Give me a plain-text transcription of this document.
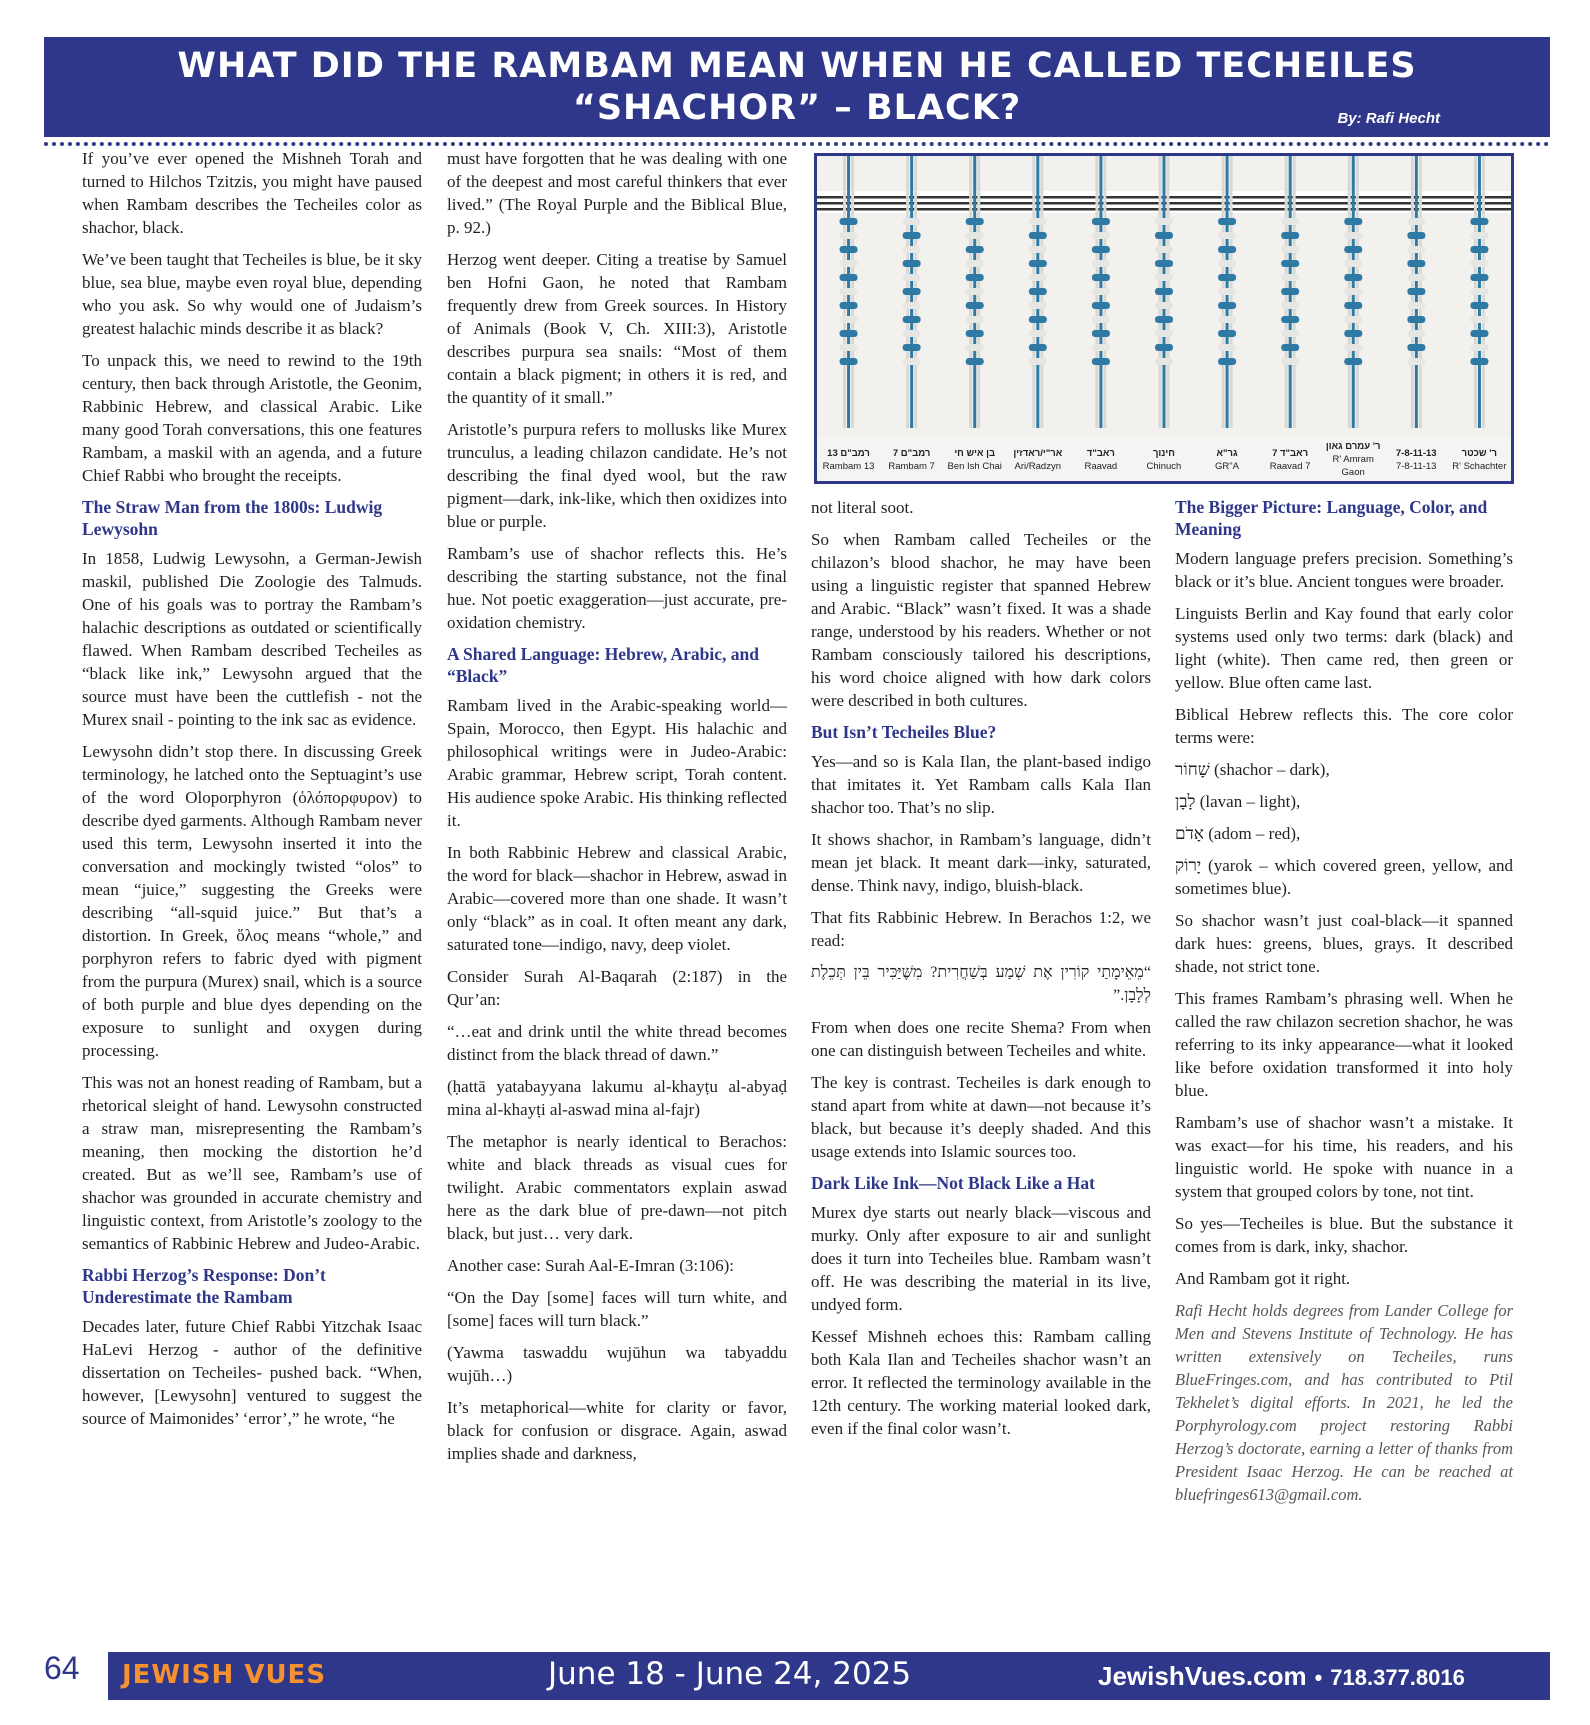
WHAT DID THE RAMBAM MEAN WHEN HE CALLED TECHEILES
“SHACHOR” – BLACK?	By: Rafi Hecht

If you’ve ever opened the Mishneh Torah and turned to Hilchos Tzitzis, you might have paused when Rambam describes the Techeiles color as shachor, black.

We’ve been taught that Techeiles is blue, be it sky blue, sea blue, maybe even royal blue, depending who you ask. So why would one of Judaism’s greatest halachic minds describe it as black?

To unpack this, we need to rewind to the 19th century, then back through Aristotle, the Geonim, Rabbinic Hebrew, and classical Arabic. Like many good Torah conversations, this one features Rambam, a maskil with an agenda, and a future Chief Rabbi who brought the receipts.

The Straw Man from the 1800s: Ludwig Lewysohn

In 1858, Ludwig Lewysohn, a German-Jewish maskil, published Die Zoologie des Talmuds. One of his goals was to portray the Rambam’s halachic descriptions as outdated or scientifically flawed. When Rambam described Techeiles as “black like ink,” Lewysohn argued that the source must have been the cuttlefish - not the Murex snail - pointing to the ink sac as evidence.

Lewysohn didn’t stop there. In discussing Greek terminology, he latched onto the Septuagint’s use of the word Oloporphyron (ὁλόπορφυρον) to describe dyed garments. Although Rambam never used this term, Lewysohn inserted it into the conversation and mockingly twisted “olos” to mean “juice,” suggesting the Greeks were describing “all-squid juice.” But that’s a distortion. In Greek, ὅλος means “whole,” and porphyron refers to fabric dyed with pigment from the purpura (Murex) snail, which is a source of both purple and blue dyes depending on the exposure to sunlight and oxygen during processing.

This was not an honest reading of Rambam, but a rhetorical sleight of hand. Lewysohn constructed a straw man, misrepresenting the Rambam’s meaning, then mocking the distortion he’d created. But as we’ll see, Rambam’s use of shachor was grounded in accurate chemistry and linguistic context, from Aristotle’s zoology to the semantics of Rabbinic Hebrew and Judeo-Arabic.

Rabbi Herzog’s Response: Don’t Underestimate the Rambam

Decades later, future Chief Rabbi Yitzchak Isaac HaLevi Herzog - author of the definitive dissertation on Techeiles- pushed back. “When, however, [Lewysohn] ventured to suggest the source of Maimonides’ ‘error’,” he wrote, “he

must have forgotten that he was dealing with one of the deepest and most careful thinkers that ever lived.” (The Royal Purple and the Biblical Blue, p. 92.)

Herzog went deeper. Citing a treatise by Samuel ben Hofni Gaon, he noted that Rambam frequently drew from Greek sources. In History of Animals (Book V, Ch. XIII:3), Aristotle describes purpura sea snails: “Most of them contain a black pigment; in others it is red, and the quantity of it small.”

Aristotle’s purpura refers to mollusks like Murex trunculus, a leading chilazon candidate. He’s not describing the final dyed wool, but the raw pigment—dark, ink-like, which then oxidizes into blue or purple.

Rambam’s use of shachor reflects this. He’s describing the starting substance, not the final hue. Not poetic exaggeration—just accurate, pre-oxidation chemistry.

A Shared Language: Hebrew, Arabic, and “Black”

Rambam lived in the Arabic-speaking world—Spain, Morocco, then Egypt. His halachic and philosophical writings were in Judeo-Arabic: Arabic grammar, Hebrew script, Torah content. His audience spoke Arabic. His thinking reflected it.

In both Rabbinic Hebrew and classical Arabic, the word for black—shachor in Hebrew, aswad in Arabic—covered more than one shade. It wasn’t only “black” as in coal. It often meant any dark, saturated tone—indigo, navy, deep violet.

Consider Surah Al-Baqarah (2:187) in the Qur’an:

“…eat and drink until the white thread becomes distinct from the black thread of dawn.”

(ḥattā yatabayyana lakumu al-khayṭu al-abyaḍ mina al-khayṭi al-aswad mina al-fajr)

The metaphor is nearly identical to Berachos: white and black threads as visual cues for twilight. Arabic commentators explain aswad here as the dark blue of pre-dawn—not pitch black, but just… very dark.

Another case: Surah Aal-E-Imran (3:106):

“On the Day [some] faces will turn white, and [some] faces will turn black.”

(Yawma taswaddu wujūhun wa tabyaddu wujūh…)

It’s metaphorical—white for clarity or favor, black for confusion or disgrace. Again, aswad implies shade and darkness,

רמב"ם 13
Rambam 13
רמב"ם 7
Rambam 7
בן איש חי
Ben Ish Chai
אר"י/ראדזין
Ari/Radzyn
ראב"ד
Raavad
חינוך
Chinuch
גר"א
GR"A
ראב"ד 7
Raavad 7
ר' עמרם גאון
R' Amram Gaon
7-8-11-13
7-8-11-13
ר' שכטר
R' Schachter

not literal soot.

So when Rambam called Techeiles or the chilazon’s blood shachor, he may have been using a linguistic register that spanned Hebrew and Arabic. “Black” wasn’t fixed. It was a shade range, understood by his readers. Whether or not Rambam consciously tailored his descriptions, his word choice aligned with how dark colors were described in both cultures.

But Isn’t Techeiles Blue?

Yes—and so is Kala Ilan, the plant-based indigo that imitates it. Yet Rambam calls Kala Ilan shachor too. That’s no slip.

It shows shachor, in Rambam’s language, didn’t mean jet black. It meant dark—inky, saturated, dense. Think navy, indigo, bluish-black.

That fits Rabbinic Hebrew. In Berachos 1:2, we read:

“מֵאֵימָתַי קוֹרִין אֶת שְׁמַע בְּשַׁחֲרִית? מִשֶּׁיַּכִּיר בֵּין תְּכֵלֶת לְלָבָן.”

From when does one recite Shema? From when one can distinguish between Techeiles and white.

The key is contrast. Techeiles is dark enough to stand apart from white at dawn—not because it’s black, but because it’s deeply shaded. And this usage extends into Islamic sources too.

Dark Like Ink—Not Black Like a Hat

Murex dye starts out nearly black—viscous and murky. Only after exposure to air and sunlight does it turn into Techeiles blue. Rambam wasn’t off. He was describing the material in its live, undyed form.

Kessef Mishneh echoes this: Rambam calling both Kala Ilan and Techeiles shachor wasn’t an error. It reflected the terminology available in the 12th century. The working material looked dark, even if the final color wasn’t.

The Bigger Picture: Language, Color, and Meaning

Modern language prefers precision. Something’s black or it’s blue. Ancient tongues were broader.

Linguists Berlin and Kay found that early color systems used only two terms: dark (black) and light (white). Then came red, then green or yellow. Blue often came last.

Biblical Hebrew reflects this. The core color terms were:

שָׁחוֹר (shachor – dark),

לָבָן (lavan – light),

אָדֹם (adom – red),

יָרוֹק (yarok – which covered green, yellow, and sometimes blue).

So shachor wasn’t just coal-black—it spanned dark hues: greens, blues, grays. It described shade, not strict tone.

This frames Rambam’s phrasing well. When he called the raw chilazon secretion shachor, he was referring to its inky appearance—what it looked like before oxidation transformed it into holy blue.

Rambam’s use of shachor wasn’t a mistake. It was exact—for his time, his readers, and his linguistic world. He spoke with nuance in a system that grouped colors by tone, not tint.

So yes—Techeiles is blue. But the substance it comes from is dark, inky, shachor.

And Rambam got it right.

Rafi Hecht holds degrees from Lander College for Men and Stevens Institute of Technology. He has written extensively on Techeiles, runs BlueFringes.com, and has contributed to Ptil Tekhelet’s digital efforts. In 2021, he led the Porphyrology.com project restoring Rabbi Herzog’s doctorate, earning a letter of thanks from President Isaac Herzog. He can be reached at bluefringes613@gmail.com.

64 JEWISH VUES	June 18 - June 24, 2025	JewishVues.com • 718.377.8016
